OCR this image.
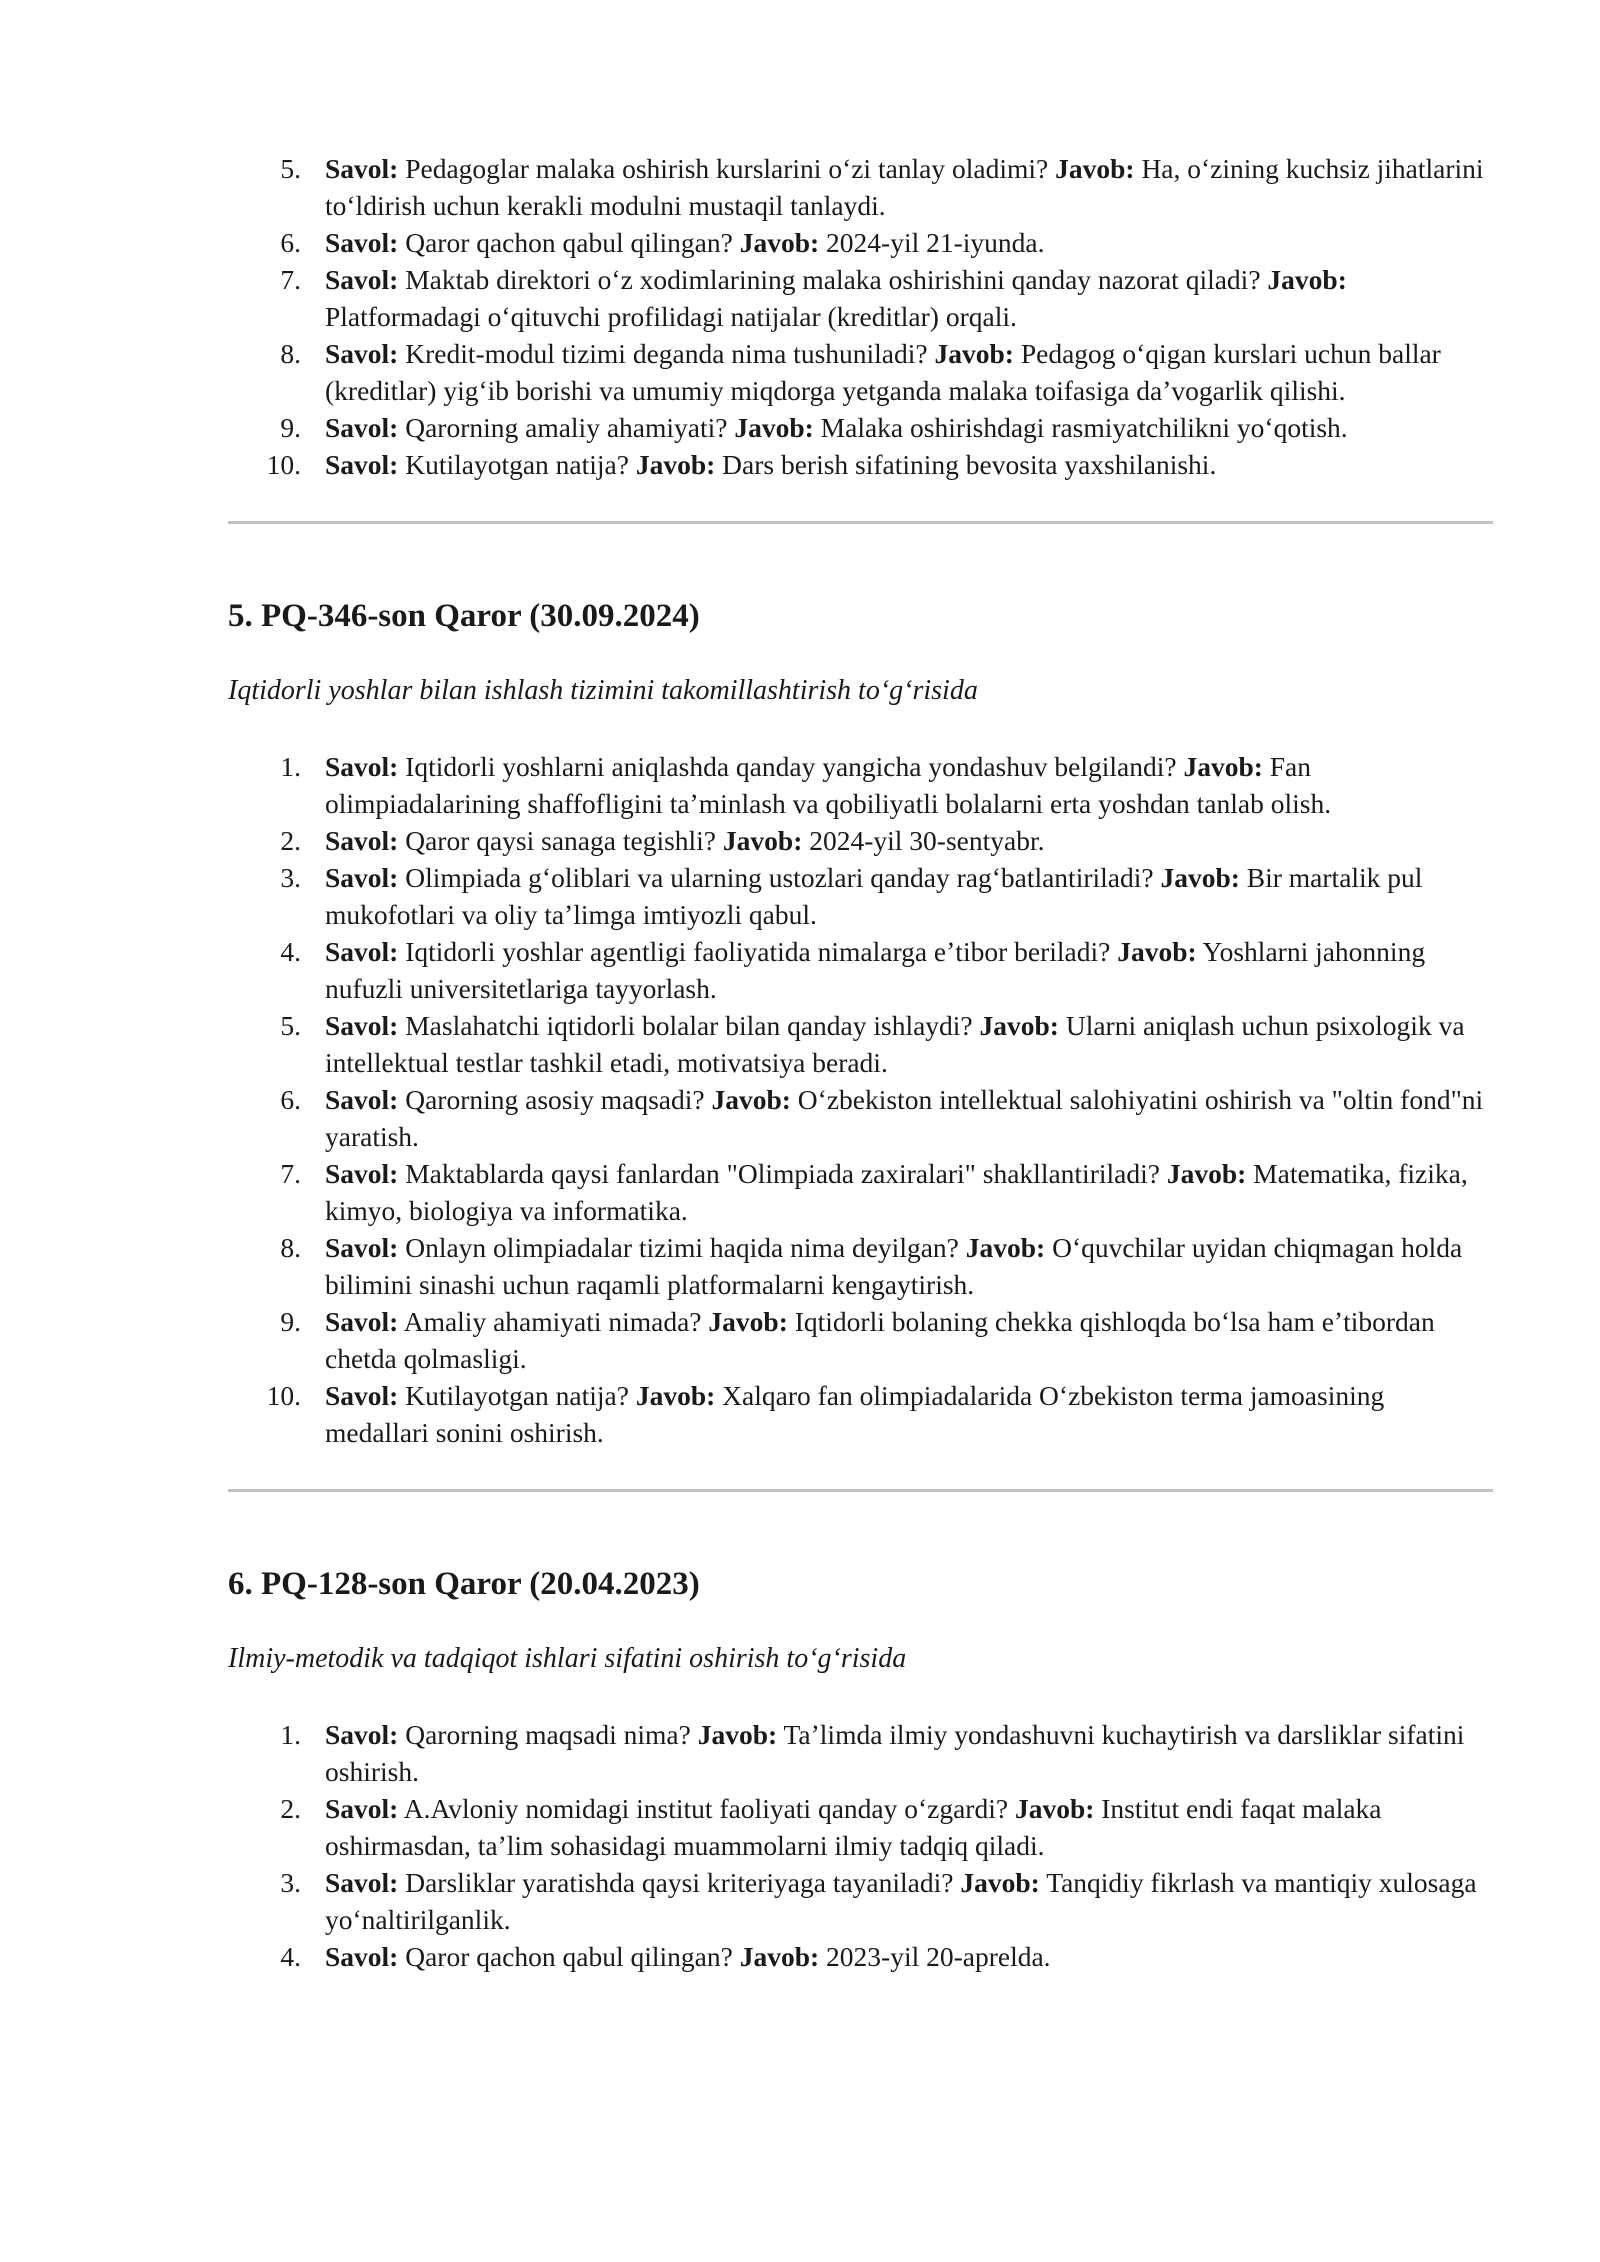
5. Savol: Pedagoglar malaka oshirish kurslarini oʻzi tanlay oladimi? Javob: Ha, oʻzining kuchsiz jihatlarini toʻldirish uchun kerakli modulni mustaqil tanlaydi.
6. Savol: Qaror qachon qabul qilingan? Javob: 2024-yil 21-iyunda.
7. Savol: Maktab direktori oʻz xodimlarining malaka oshirishini qanday nazorat qiladi? Javob: Platformadagi oʻqituvchi profilidagi natijalar (kreditlar) orqali.
8. Savol: Kredit-modul tizimi deganda nima tushuniladi? Javob: Pedagog oʻqigan kurslari uchun ballar (kreditlar) yigʻib borishi va umumiy miqdorga yetganda malaka toifasiga daʼvogarlik qilishi.
9. Savol: Qarorning amaliy ahamiyati? Javob: Malaka oshirishdagi rasmiyatchilikni yoʻqotish.
10. Savol: Kutilayotgan natija? Javob: Dars berish sifatining bevosita yaxshilanishi.
5. PQ-346-son Qaror (30.09.2024)

Iqtidorli yoshlar bilan ishlash tizimini takomillashtirish toʻgʻrisida

1. Savol: Iqtidorli yoshlarni aniqlashda qanday yangicha yondashuv belgilandi? Javob: Fan olimpiadalarining shaffofligini taʼminlash va qobiliyatli bolalarni erta yoshdan tanlab olish.
2. Savol: Qaror qaysi sanaga tegishli? Javob: 2024-yil 30-sentyabr.
3. Savol: Olimpiada gʻoliblari va ularning ustozlari qanday ragʻbatlantiriladi? Javob: Bir martalik pul mukofotlari va oliy taʼlimga imtiyozli qabul.
4. Savol: Iqtidorli yoshlar agentligi faoliyatida nimalarga eʼtibor beriladi? Javob: Yoshlarni jahonning nufuzli universitetlariga tayyorlash.
5. Savol: Maslahatchi iqtidorli bolalar bilan qanday ishlaydi? Javob: Ularni aniqlash uchun psixologik va intellektual testlar tashkil etadi, motivatsiya beradi.
6. Savol: Qarorning asosiy maqsadi? Javob: Oʻzbekiston intellektual salohiyatini oshirish va "oltin fond"ni yaratish.
7. Savol: Maktablarda qaysi fanlardan "Olimpiada zaxiralari" shakllantiriladi? Javob: Matematika, fizika, kimyo, biologiya va informatika.
8. Savol: Onlayn olimpiadalar tizimi haqida nima deyilgan? Javob: Oʻquvchilar uyidan chiqmagan holda bilimini sinashi uchun raqamli platformalarni kengaytirish.
9. Savol: Amaliy ahamiyati nimada? Javob: Iqtidorli bolaning chekka qishloqda boʻlsa ham eʼtibordan chetda qolmasligi.
10. Savol: Kutilayotgan natija? Javob: Xalqaro fan olimpiadalarida Oʻzbekiston terma jamoasining medallari sonini oshirish.
6. PQ-128-son Qaror (20.04.2023)

Ilmiy-metodik va tadqiqot ishlari sifatini oshirish toʻgʻrisida

1. Savol: Qarorning maqsadi nima? Javob: Taʼlimda ilmiy yondashuvni kuchaytirish va darsliklar sifatini oshirish.
2. Savol: A.Avloniy nomidagi institut faoliyati qanday oʻzgardi? Javob: Institut endi faqat malaka oshirmasdan, taʼlim sohasidagi muammolarni ilmiy tadqiq qiladi.
3. Savol: Darsliklar yaratishda qaysi kriteriyaga tayaniladi? Javob: Tanqidiy fikrlash va mantiqiy xulosaga yoʻnaltirilganlik.
4. Savol: Qaror qachon qabul qilingan? Javob: 2023-yil 20-aprelda.
